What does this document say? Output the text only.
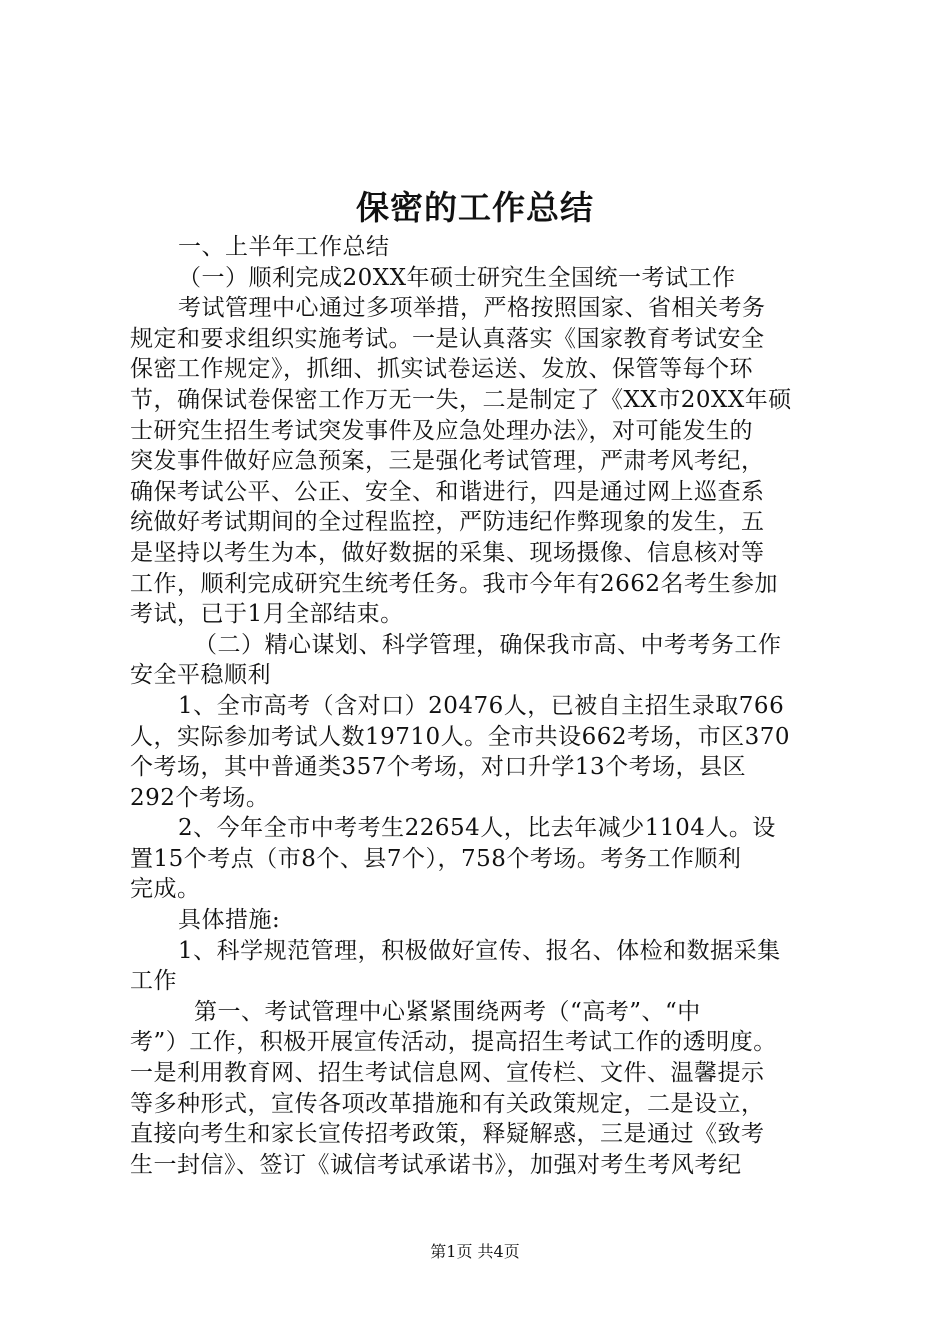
保密的工作总结
一、上半年工作总结
（一）顺利完成20XX年硕士研究生全国统一考试工作
考试管理中心通过多项举措，严格按照国家、省相关考务
规定和要求组织实施考试。一是认真落实《国家教育考试安全
保密工作规定》，抓细、抓实试卷运送、发放、保管等每个环
节，确保试卷保密工作万无一失，二是制定了《XX市20XX年硕
士研究生招生考试突发事件及应急处理办法》，对可能发生的
突发事件做好应急预案，三是强化考试管理，严肃考风考纪，
确保考试公平、公正、安全、和谐进行，四是通过网上巡查系
统做好考试期间的全过程监控，严防违纪作弊现象的发生，五
是坚持以考生为本，做好数据的采集、现场摄像、信息核对等
工作，顺利完成研究生统考任务。我市今年有2662名考生参加
考试，已于1月全部结束。
（二）精心谋划、科学管理，确保我市高、中考考务工作
安全平稳顺利
1、全市高考（含对口）20476人，已被自主招生录取766
人，实际参加考试人数19710人。全市共设662考场，市区370
个考场，其中普通类357个考场，对口升学13个考场，县区
292个考场。
2、今年全市中考考生22654人，比去年减少1104人。设
置15个考点（市8个、县7个），758个考场。考务工作顺利
完成。
具体措施:
1、科学规范管理，积极做好宣传、报名、体检和数据采集
工作
第一、考试管理中心紧紧围绕两考（“高考”、“中
考”）工作，积极开展宣传活动，提高招生考试工作的透明度。
一是利用教育网、招生考试信息网、宣传栏、文件、温馨提示
等多种形式，宣传各项改革措施和有关政策规定，二是设立，
直接向考生和家长宣传招考政策，释疑解惑，三是通过《致考
生一封信》、签订《诚信考试承诺书》，加强对考生考风考纪
第1页 共4页
